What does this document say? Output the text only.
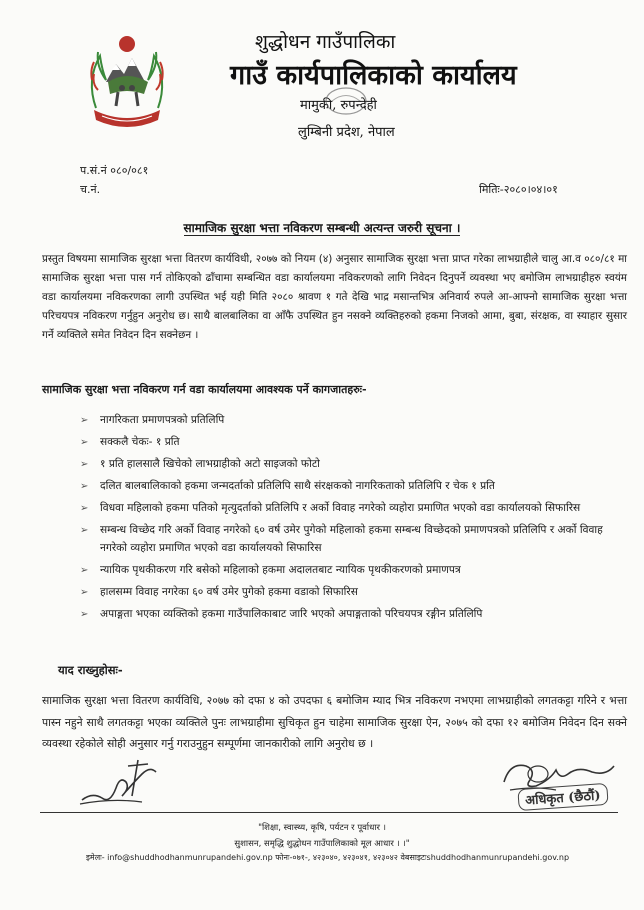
शुद्धोधन गाउँपालिका
गाउँ कार्यपालिकाको कार्यालय
मामुकी, रुपन्देही
लुम्बिनी प्रदेश, नेपाल
प.सं.नं ०८०/०८१
च.नं.	मितिः-२०८०।०४।०१
सामाजिक सुरक्षा भत्ता नविकरण सम्बन्धी अत्यन्त जरुरी सूचना ।
प्रस्तुत विषयमा सामाजिक सुरक्षा भत्ता वितरण कार्यविधी, २०७७ को नियम (४) अनुसार सामाजिक सुरक्षा भत्ता प्राप्त गरेका लाभग्राहीले चालु आ.व ०८०/८१ मा सामाजिक सुरक्षा भत्ता पास गर्न तोकिएको ढाँचामा सम्बन्धित वडा कार्यालयमा नविकरणको लागि निवेदन दिनुपर्ने व्यवस्था भए बमोजिम लाभग्राहीहरु स्वयंम वडा कार्यालयमा नविकरणका लागी उपस्थित भई यही मिति २०८० श्रावण १ गते देखि भाद्र मसान्तभित्र अनिवार्य रुपले आ-आफ्नो सामाजिक सुरक्षा भत्ता परिचयपत्र नविकरण गर्नुहुन अनुरोध छ। साथै बालबालिका वा आँफै उपस्थित हुन नसक्ने व्यक्तिहरुको हकमा निजको आमा, बुबा, संरक्षक, वा स्याहार सुसार गर्ने व्यक्तिले समेत निवेदन दिन सक्नेछन ।
सामाजिक सुरक्षा भत्ता नविकरण गर्न वडा कार्यालयमा आवश्यक पर्ने कागजातहरुः-
➢ नागरिकता प्रमाणपत्रको प्रतिलिपि
➢ सक्कलै चेकः- १ प्रति
➢ १ प्रति हालसालै खिचेको लाभग्राहीको अटो साइजको फोटो
➢ दलित बालबालिकाको हकमा जन्मदर्ताको प्रतिलिपि साथै संरक्षकको नागरिकताको प्रतिलिपि र चेक १ प्रति
➢ विधवा महिलाको हकमा पतिको मृत्युदर्ताको प्रतिलिपि र अर्को विवाह नगरेको व्यहोरा प्रमाणित भएको वडा कार्यालयको सिफारिस
➢ सम्बन्ध विच्छेद गरि अर्को विवाह नगरेको ६० वर्ष उमेर पुगेको महिलाको हकमा सम्बन्ध विच्छेदको प्रमाणपत्रको प्रतिलिपि र अर्को विवाह नगरेको व्यहोरा प्रमाणित भएको वडा कार्यालयको सिफारिस
➢ न्यायिक पृथकीकरण गरि बसेको महिलाको हकमा अदालतबाट न्यायिक पृथकीकरणको प्रमाणपत्र
➢ हालसम्म विवाह नगरेका ६० वर्ष उमेर पुगेको हकमा वडाको सिफारिस
➢ अपाङ्गता भएका व्यक्तिको हकमा गाउँपालिकाबाट जारि भएको अपाङ्गताको परिचयपत्र रङ्गीन प्रतिलिपि
याद राख्नुहोसः-
सामाजिक सुरक्षा भत्ता वितरण कार्यविधि, २०७७ को दफा ४ को उपदफा ६ बमोजिम म्याद भित्र नविकरण नभएमा लाभग्राहीको लगतकट्टा गरिने र भत्ता पास्न नहुने साथै लगतकट्टा भएका व्यक्तिले पुनः लाभग्राहीमा सुचिकृत हुन चाहेमा सामाजिक सुरक्षा ऐन, २०७५ को दफा १२ बमोजिम निवेदन दिन सक्ने व्यवस्था रहेकोले सोही अनुसार गर्नु गराउनुहुन सम्पूर्णमा जानकारीको लागि अनुरोध छ ।
अधिकृत (छैठौं)
"शिक्षा, स्वास्थ्य, कृषि, पर्यटन र पूर्वाधार ।
सुशासन, समृद्धि शुद्धोधन गाउँपालिकाको मूल आधार । ।"
इमेलः- info@shuddhodhanmunrupandehi.gov.np फोनः-०७१-, ४२३०४०, ४२३०४१, ४२३०४२ वेबसाइटःshuddhodhanmunrupandehi.gov.np
